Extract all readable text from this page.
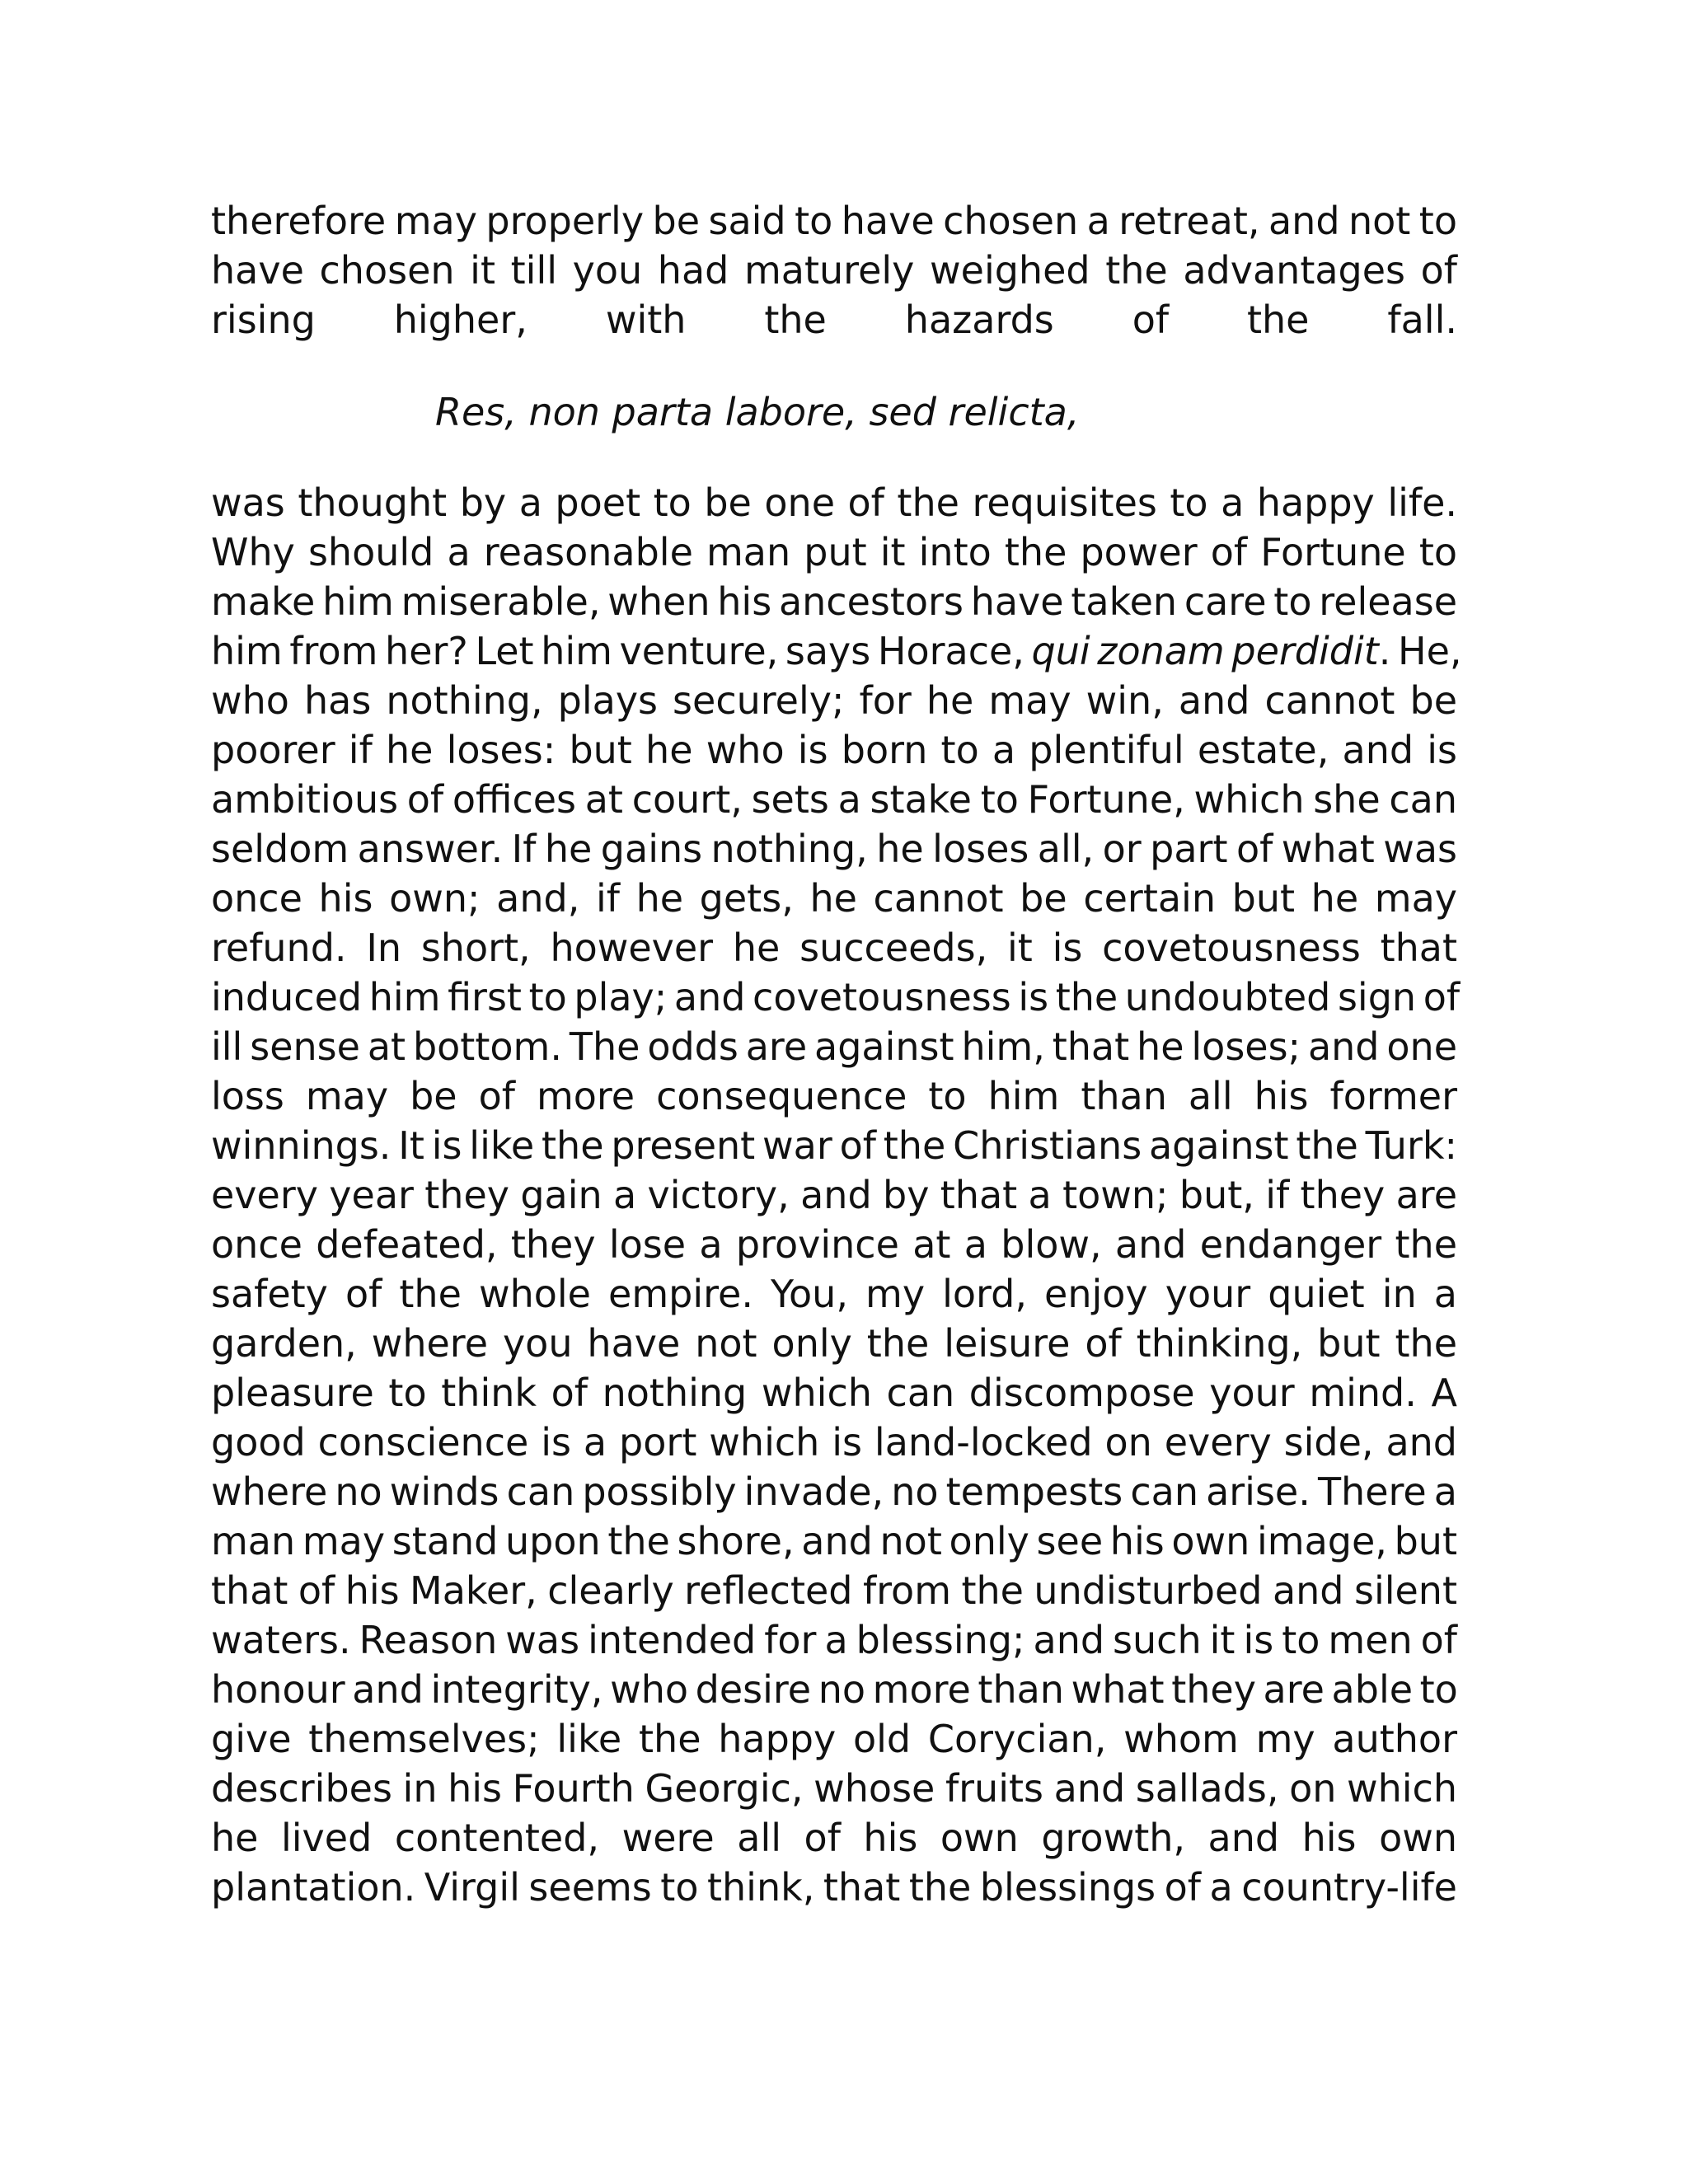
therefore may properly be said to have chosen a retreat, and not to
have chosen it till you had maturely weighed the advantages of
rising higher, with the hazards of the fall.
Res, non parta labore, sed relicta,
was thought by a poet to be one of the requisites to a happy life.
Why should a reasonable man put it into the power of Fortune to
make him miserable, when his ancestors have taken care to release
him from her? Let him venture, says Horace, qui zonam perdidit. He,
who has nothing, plays securely; for he may win, and cannot be
poorer if he loses: but he who is born to a plentiful estate, and is
ambitious of offices at court, sets a stake to Fortune, which she can
seldom answer. If he gains nothing, he loses all, or part of what was
once his own; and, if he gets, he cannot be certain but he may
refund. In short, however he succeeds, it is covetousness that
induced him first to play; and covetousness is the undoubted sign of
ill sense at bottom. The odds are against him, that he loses; and one
loss may be of more consequence to him than all his former
winnings. It is like the present war of the Christians against the Turk:
every year they gain a victory, and by that a town; but, if they are
once defeated, they lose a province at a blow, and endanger the
safety of the whole empire. You, my lord, enjoy your quiet in a
garden, where you have not only the leisure of thinking, but the
pleasure to think of nothing which can discompose your mind. A
good conscience is a port which is land-locked on every side, and
where no winds can possibly invade, no tempests can arise. There a
man may stand upon the shore, and not only see his own image, but
that of his Maker, clearly reflected from the undisturbed and silent
waters. Reason was intended for a blessing; and such it is to men of
honour and integrity, who desire no more than what they are able to
give themselves; like the happy old Corycian, whom my author
describes in his Fourth Georgic, whose fruits and sallads, on which
he lived contented, were all of his own growth, and his own
plantation. Virgil seems to think, that the blessings of a country-life
